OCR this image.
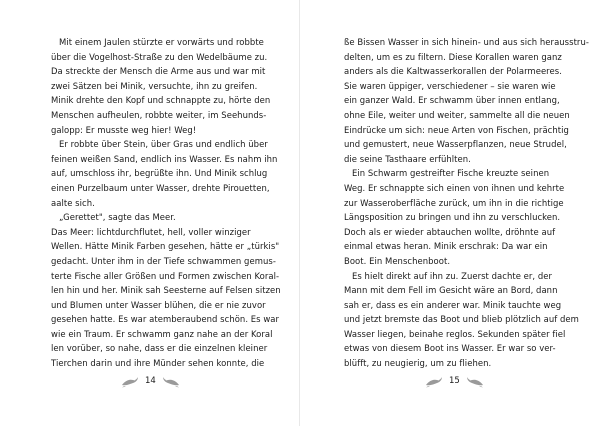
Mit einem Jaulen stürzte er vorwärts und robbte
über die Vogelhost-Straße zu den Wedelbäume zu.
Da streckte der Mensch die Arme aus und war mit
zwei Sätzen bei Minik, versuchte, ihn zu greifen.
Minik drehte den Kopf und schnappte zu, hörte den
Menschen aufheulen, robbte weiter, im Seehunds-
galopp: Er musste weg hier! Weg!
Er robbte über Stein, über Gras und endlich über
feinen weißen Sand, endlich ins Wasser. Es nahm ihn
auf, umschloss ihr, begrüßte ihn. Und Minik schlug
einen Purzelbaum unter Wasser, drehte Pirouetten,
aalte sich.
„Gerettet", sagte das Meer.
Das Meer: lichtdurchflutet, hell, voller winziger
Wellen. Hätte Minik Farben gesehen, hätte er „türkis"
gedacht. Unter ihm in der Tiefe schwammen gemus-
terte Fische aller Größen und Formen zwischen Koral-
len hin und her. Minik sah Seesterne auf Felsen sitzen
und Blumen unter Wasser blühen, die er nie zuvor
gesehen hatte. Es war atemberaubend schön. Es war
wie ein Traum. Er schwamm ganz nahe an der Koral
len vorüber, so nahe, dass er die einzelnen kleiner
Tierchen darin und ihre Münder sehen konnte, die
14
ße Bissen Wasser in sich hinein- und aus sich herausstru-
delten, um es zu filtern. Diese Korallen waren ganz
anders als die Kaltwasserkorallen der Polarmeeres.
Sie waren üppiger, verschiedener – sie waren wie
ein ganzer Wald. Er schwamm über innen entlang,
ohne Eile, weiter und weiter, sammelte all die neuen
Eindrücke um sich: neue Arten von Fischen, prächtig
und gemustert, neue Wasserpflanzen, neue Strudel,
die seine Tasthaare erfühlten.
Ein Schwarm gestreifter Fische kreuzte seinen
Weg. Er schnappte sich einen von ihnen und kehrte
zur Wasseroberfläche zurück, um ihn in die richtige
Längsposition zu bringen und ihn zu verschlucken.
Doch als er wieder abtauchen wollte, dröhnte auf
einmal etwas heran. Minik erschrak: Da war ein
Boot. Ein Menschenboot.
Es hielt direkt auf ihn zu. Zuerst dachte er, der
Mann mit dem Fell im Gesicht wäre an Bord, dann
sah er, dass es ein anderer war. Minik tauchte weg
und jetzt bremste das Boot und blieb plötzlich auf dem
Wasser liegen, beinahe reglos. Sekunden später fiel
etwas von diesem Boot ins Wasser. Er war so ver-
blüfft, zu neugierig, um zu fliehen.
15
